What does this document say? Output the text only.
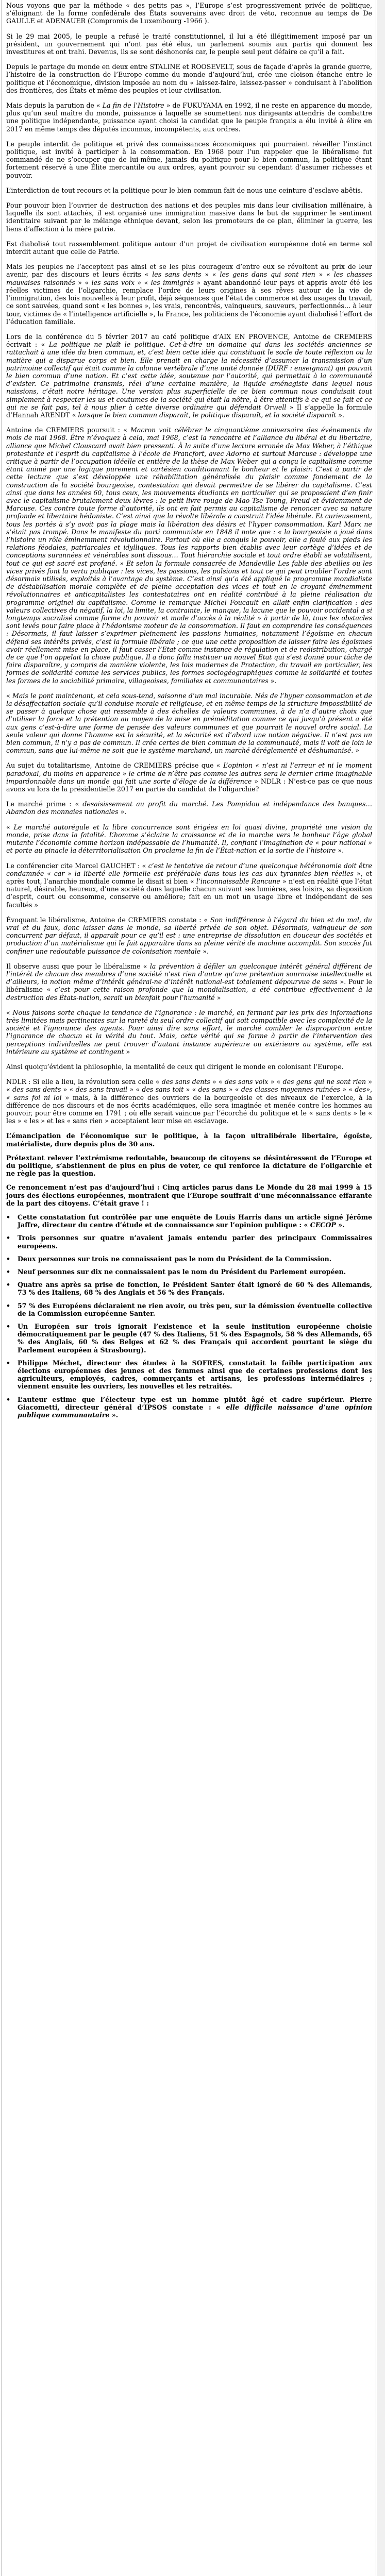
Nous voyons que par la méthode « des petits pas », l’Europe s’est progressivement privée de politique, s’éloignant de la forme confédérale des États souverains avec droit de véto, reconnue au temps de De GAULLE et ADENAUER (Compromis de Luxembourg -1966 ).

Si le 29 mai 2005, le peuple a refusé le traité constitutionnel, il lui a été illégitimement imposé par un président, un gouvernement qui n’ont pas été élus, un parlement soumis aux partis qui donnent les investitures et ont trahi. Devenus, ils se sont déshonorés car, le peuple seul peut défaire ce qu’il a fait.

Depuis le partage du monde en deux entre STALINE et ROOSEVELT, sous de façade d’après la grande guerre, l’histoire de la construction de l’Europe comme du monde d’aujourd’hui, crée une cloison étanche entre le politique et l’économique, division imposée au nom du « laissez-faire, laissez-passer » conduisant à l’abolition des frontières, des États et même des peuples et leur civilisation.

Mais depuis la parution de « La fin de l’Histoire » de FUKUYAMA en 1992, il ne reste en apparence du monde, plus qu’un seul maître du monde, puissance à laquelle se soumettent nos dirigeants attendris de combattre une politique indépendante, puissance ayant choisi la candidat que le peuple français a élu invité à élire en 2017 en même temps des députés inconnus, incompétents, aux ordres.

Le peuple interdit de politique et privé des connaissances économiques qui pourraient réveiller l’instinct politique, est invité à participer à la consommation. En 1968 pour l’un rappeler que le libéralisme fut commandé de ne s’occuper que de lui-même, jamais du politique pour le bien commun, la politique étant fortement réservé à une Élite mercantile ou aux ordres, ayant pouvoir su cependant d’assumer richesses et pouvoir.

L’interdiction de tout recours et la politique pour le bien commun fait de nous une ceinture d’esclave abêtis.

Pour pouvoir bien l’ouvrier de destruction des nations et des peuples mis dans leur civilisation millénaire, à laquelle ils sont attachés, il est organisé une immigration massive dans le but de supprimer le sentiment identitaire suivant par le mélange ethnique devant, selon les promoteurs de ce plan, éliminer la guerre, les liens d’affection à la mère patrie.

Est diabolisé tout rassemblement politique autour d’un projet de civilisation européenne doté en terme sol interdit autant que celle de Patrie.

Mais les peuples ne l’acceptent pas ainsi et se les plus courageux d’entre eux se révoltent au prix de leur avenir, par des discours et leurs écrits « les sans dents » « les gens dans qui sont rien » « les chasses mauvaises raisonnés » « les sans voix » « les immigrés » ayant abandonné leur pays et appris avoir été les réelles victimes de l’oligarchie, remplace l’ordre de leurs origines à ses rêves autour de la vie de l’immigration, des lois nouvelles à leur profit, déjà séquences que l’état de commerce et des usages du travail, ce sont sauvées, quand sont « les bonnes », les vrais, rencontrés, vainqueurs, sauveurs, perfectionnés… à leur tour, victimes de « l’intelligence artificielle », la France, les politiciens de l’économie ayant diabolisé l’effort de l’éducation familiale.

Lors de la conférence du 5 février 2017 au café politique d’AIX EN PROVENCE, Antoine de CREMIERS écrivait : « La politique ne plaît le politique. Cet-à-dire un domaine qui dans les sociétés anciennes se rattachait à une idée du bien commun, et, c’est bien cette idée qui constituait le socle de toute réflexion ou la matière qui a disparue corps et bien. Elle prenait en charge la nécessité d’assumer la transmission d’un patrimoine collectif qui était comme la colonne vertébrale d’une unité donnée (DURF : enseignant) qui pouvait le bien commun d’une nation. Et c’est cette idée, soutenue par l’autorité, qui permettait à la communauté d’exister. Ce patrimoine transmis, réel d’une certaine manière, la liquide aménagiste dans lequel nous naissions, c’était notre héritage. Une version plus superficielle de ce bien commun nous conduisait tout simplement à respecter les us et coutumes de la société qui était la nôtre, à être attentifs à ce qui se fait et ce qui ne se fait pas, tel à nous plier à cette diverse ordinaire qui défendait Orwell » Il s’appelle la formule d’Hannah ARENDT « lorsque le bien commun disparaît, le politique disparaît, et la société disparaît ».

Antoine de CREMIERS poursuit : « Macron voit célébrer le cinquantième anniversaire des événements du mois de mai 1968. Être n’évoquez à cela, mai 1968, c’est la rencontre et l’alliance du libéral et du libertaire, alliance que Michel Clouscard avait bien pressenti. À la suite d’une lecture erronée de Max Weber, à l’éthique protestante et l’esprit du capitalisme à l’école de Francfort, avec Adorno et surtout Marcuse : développe une critique à partir de l’occupation idéelle et entière de la thèse de Max Weber qui a conçu le capitalisme comme étant animé par une logique purement et cartésien conditionnant le bonheur et le plaisir. C’est à partir de cette lecture que s’est développée une réhabilitation généralisée du plaisir comme fondement de la construction de la société bourgeoise, contestation qui devait permettre de se libérer du capitalisme. C’est ainsi que dans les années 60, tous ceux, les mouvements étudiants en particulier qui se proposaient d’en finir avec le capitalisme brutalement deux lèvres : le petit livre rouge de Mao Tse Toung, Freud et évidemment de Marcuse. Ces contre toute forme d’autorité, ils ont en fait permis au capitalisme de renoncer avec sa nature profonde et libertaire hédoniste. C’est ainsi que la révolte libérale a construit l’idée libérale. Et curieusement, tous les portés à s’y avoit pas la plage mais la libération des désirs et l’hyper consommation. Karl Marx ne s’était pas trompé. Dans le manifeste du parti communiste en 1848 il note que : « la bourgeoisie a joué dans l’histoire un rôle éminemment révolutionnaire. Partout où elle a conquis le pouvoir, elle a foulé aux pieds les relations féodales, patriarcales et idylliques. Tous les rapports bien établis avec leur cortège d’idées et de conceptions surannées et vénérables sont dissous… Tout hiérarchie sociale et tout ordre établi se volatilisent, tout ce qui est sacré est profané. » Et selon la formule consacrée de Mandeville Les fable des abeilles ou les vices privés font la vertu publique : les vices, les passions, les pulsions et tout ce qui peut troubler l’ordre sont désormais utilisés, exploités à l’avantage du système. C’est ainsi qu’a été appliqué le programme mondialiste de déstabilisation morale complète et de pleine acceptation des vices et tout en le croyant éminemment révolutionnaires et anticapitalistes les contestataires ont en réalité contribué à la pleine réalisation du programme originel du capitalisme. Comme le remarque Michel Foucault en allait enfin clarification : des valeurs collectives du négatif, la loi, la limite, la contrainte, le manque, la lacune que le pouvoir occidental a si longtemps sacralisé comme forme du pouvoir et mode d’accès à la réalité » à partir de là, tous les obstacles sont levés pour faire place à l’hédonisme moteur de la consommation. Il faut en comprendre les conséquences : Désormais, il faut laisser s’exprimer pleinement les passions humaines, notamment l’égoïsme en chacun défend ses intérêts privés, c’est la formule libérale ; ce que une cette proposition de laisser faire les égoïsmes avoir réellement mise en place, il faut casser l’Etat comme instance de régulation et de redistribution, chargé de ce que l’on appelait la chose publique. Il a donc fallu instituer un nouvel Etat qui s’est donné pour tâche de faire disparaître, y compris de manière violente, les lois modernes de Protection, du travail en particulier, les formes de solidarité comme les services publics, les formes sociogéographiques comme la solidarité et toutes les formes de la sociabilité primaire, villageoises, familiales et communautaires ».

« Mais le pont maintenant, et cela sous-tend, saisonne d’un mal incurable. Nés de l’hyper consommation et de la désaffectation sociale qu’il conduise morale et religieuse, et en même temps de la structure impossibilité de se passer à quelque chose qui ressemble à des échelles de valeurs communes, à de n’a d’autre choix que d’utiliser la force et la prétention au moyen de la mise en préméditation comme ce qui jusqu’à présent a été aux gens c’est-à-dire une forme de pensée des valeurs communes et que pourrait le nouvel ordre social. La seule valeur qui donne l’homme est la sécurité, et la sécurité est d’abord une notion négative. Il n’est pas un bien commun, il n’y a pas de commun. Il crée certes de bien commun de la communauté, mais il voit de loin le commun, sans que lui-même ne soit que le système marchand, un marché déréglementé et déshumanisé. »

Au sujet du totalitarisme, Antoine de CREMIERS précise que « L’opinion « n’est ni l’erreur et ni le moment paradoxal, du moins en apparence » le crime de n’être pas comme les autres sera le dernier crime imaginable impardonnable dans un monde qui fait une sorte d’éloge de la différence » NDLR : N’est-ce pas ce que nous avons vu lors de la présidentielle 2017 en partie du candidat de l’oligarchie?

Le marché prime : « desaisissement au profit du marché. Les Pompidou et indépendance des banques…Abandon des monnaies nationales ».

« Le marché autorégule et la libre concurrence sont érigées en loi quasi divine, propriété une vision du monde, prise dans la fatalité. L’homme s’éclaire la croissance et de la marche vers le bonheur l’âge global mutante l’économie comme horizon indépassable de l’humanité. Il, confiant l’imagination de « pour national » et porte au pinacle la déterritorialisation On proclame la fin de l’État-nation et la sortie de l’histoire ».

Le conférencier cite Marcel GAUCHET : « c’est le tentative de retour d’une quelconque hétéronomie doit être condamnée « car » la liberté elle formelle est préférable dans tous les cas aux tyrannies bien réelles », et après tout, l’anarchie mondiale comme le disait si bien « l’inconnaissable Rancune » n’est en réalité que l’état naturel, désirable, heureux, d’une société dans laquelle chacun suivant ses lumières, ses loisirs, sa disposition d’esprit, court ou consomme, conserve ou améliore; fait en un mot un usage libre et indépendant de ses facultés »

Évoquant le libéralisme, Antoine de CREMIERS constate : « Son indifférence à l’égard du bien et du mal, du vrai et du faux, donc laisser dans le monde, sa liberté privée de son objet. Désormais, vainqueur de son concurrent par défaut, il apparaît pour ce qu’il est : une entreprise de dissolution en douceur des sociétés et production d’un matérialisme qui le fait apparaître dans sa pleine vérité de machine accomplit. Son succès fut confiner une redoutable puissance de colonisation mentale ».

Il observe aussi que pour le libéralisme « la prévention à défiler un quelconque intérêt général différent de l’intérêt de chacun des membres d’une société n’est rien d’autre qu’une prétention sournoise intellectuelle et d’ailleurs, la notion même d’intérêt général-ne d’intérêt national-est totalement dépourvue de sens ». Pour le libéralisme « c’est pour cette raison profonde que la mondialisation, a été contribue effectivement à la destruction des États-nation, serait un bienfait pour l’humanité »

« Nous faisons sorte chaque la tendance de l’ignorance : le marché, en fermant par les prix des informations très limitées mais pertinentes sur la rareté du seul ordre collectif qui soit compatible avec les complexité de la société et l’ignorance des agents. Pour ainsi dire sans effort, le marché combler le disproportion entre l’ignorance de chacun et la vérité du tout. Mais, cette vérité qui se forme à partir de l’intervention des perceptions individuelles ne peut trouver d’autant instance supérieure ou extérieure au système, elle est intérieure au système et contingent »

Ainsi quoiqu’évident la philosophie, la mentalité de ceux qui dirigent le monde en colonisant l’Europe.

NDLR : Si elle a lieu, la révolution sera celle « des sans dents » « des sans voix » « des gens qui ne sont rien » « des sans dents » « des sans travail » « des sans toit » « des sans » « des classes moyennes ruinées » « des», « sans foi ni loi » mais, à la différence des ouvriers de la bourgeoisie et des niveaux de l’exercice, à la différence de nos discours et de nos écrits académiques, elle sera imaginée et menée contre les hommes au pouvoir, pour être comme en 1791 ; où elle serait vaincue par l’écorché du politique et le « sans dents » le « les » « les » et les « sans rien » acceptaient leur mise en esclavage.

L’émancipation de l’économique sur le politique, à la façon ultralibérale libertaire, égoïste, matérialiste, dure depuis plus de 30 ans.

Prétextant relever l’extrémisme redoutable, beaucoup de citoyens se désintéressent de l’Europe et du politique, s’abstiennent de plus en plus de voter, ce qui renforce la dictature de l’oligarchie et ne règle pas la question.

Ce renoncement n’est pas d’aujourd’hui : Cinq articles parus dans Le Monde du 28 mai 1999 à 15 jours des élections européennes, montraient que l’Europe souffrait d’une méconnaissance effarante de la part des citoyens. C’était grave ! :

• Cette constatation fut contrôlée par une enquête de Louis Harris dans un article signé Jérôme Jaffre, directeur du centre d’étude et de connaissance sur l’opinion publique : « CECOP ».

• Trois personnes sur quatre n’avaient jamais entendu parler des principaux Commissaires européens.

• Deux personnes sur trois ne connaissaient pas le nom du Président de la Commission.

• Neuf personnes sur dix ne connaissaient pas le nom du Président du Parlement européen.

• Quatre ans après sa prise de fonction, le Président Santer était ignoré de 60 % des Allemands, 73 % des Italiens, 68 % des Anglais et 56 % des Français.

• 57 % des Européens déclaraient ne rien avoir, ou très peu, sur la démission éventuelle collective de la Commission européenne Santer.

• Un Européen sur trois ignorait l’existence et la seule institution européenne choisie démocratiquement par le peuple (47 % des Italiens, 51 % des Espagnols, 58 % des Allemands, 65 % des Anglais, 60 % des Belges et 62 % des Français qui accordent pourtant le siège du Parlement européen à Strasbourg).

• Philippe Méchet, directeur des études à la SOFRES, constatait la faible participation aux élections européennes des jeunes et des femmes ainsi que de certaines professions dont les agriculteurs, employés, cadres, commerçants et artisans, les professions intermédiaires ; viennent ensuite les ouvriers, les nouvelles et les retraités.

• L’auteur estime que l’électeur type est un homme plutôt âgé et cadre supérieur. Pierre Giacometti, directeur général d’IPSOS constate : « elle difficile naissance d’une opinion publique communautaire ».
